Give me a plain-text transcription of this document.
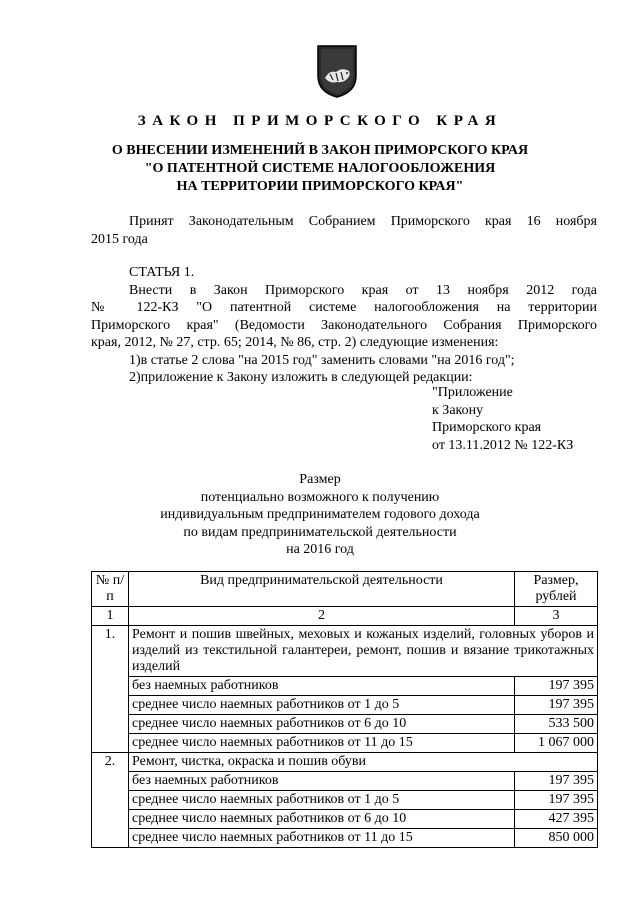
ЗАКОН ПРИМОРСКОГО КРАЯ
О ВНЕСЕНИИ ИЗМЕНЕНИЙ В ЗАКОН ПРИМОРСКОГО КРАЯ
"О ПАТЕНТНОЙ СИСТЕМЕ НАЛОГООБЛОЖЕНИЯ
НА ТЕРРИТОРИИ ПРИМОРСКОГО КРАЯ"
Принят Законодательным Собранием Приморского края 16 ноября
2015 года
СТАТЬЯ 1.
Внести в Закон Приморского края от 13 ноября 2012 года
№ 122-КЗ "О патентной системе налогообложения на территории
Приморского края" (Ведомости Законодательного Собрания Приморского
края, 2012, № 27, стр. 65; 2014, № 86, стр. 2) следующие изменения:
1)в статье 2 слова "на 2015 год" заменить словами "на 2016 год";
2)приложение к Закону изложить в следующей редакции:
"Приложение
к Закону
Приморского края
от 13.11.2012 № 122-КЗ
Размер
потенциально возможного к получению
индивидуальным предпринимателем годового дохода
по видам предпринимательской деятельности
на 2016 год
№ п/п	Вид предпринимательской деятельности	Размер, рублей
1	2	3
1.	Ремонт и пошив швейных, меховых и кожаных изделий, головных уборов и изделий из текстильной галантереи, ремонт, пошив и вязание трикотажных изделий	
	без наемных работников	197 395
	среднее число наемных работников от 1 до 5	197 395
	среднее число наемных работников от 6 до 10	533 500
	среднее число наемных работников от 11 до 15	1 067 000
2.	Ремонт, чистка, окраска и пошив обуви	
	без наемных работников	197 395
	среднее число наемных работников от 1 до 5	197 395
	среднее число наемных работников от 6 до 10	427 395
	среднее число наемных работников от 11 до 15	850 000
